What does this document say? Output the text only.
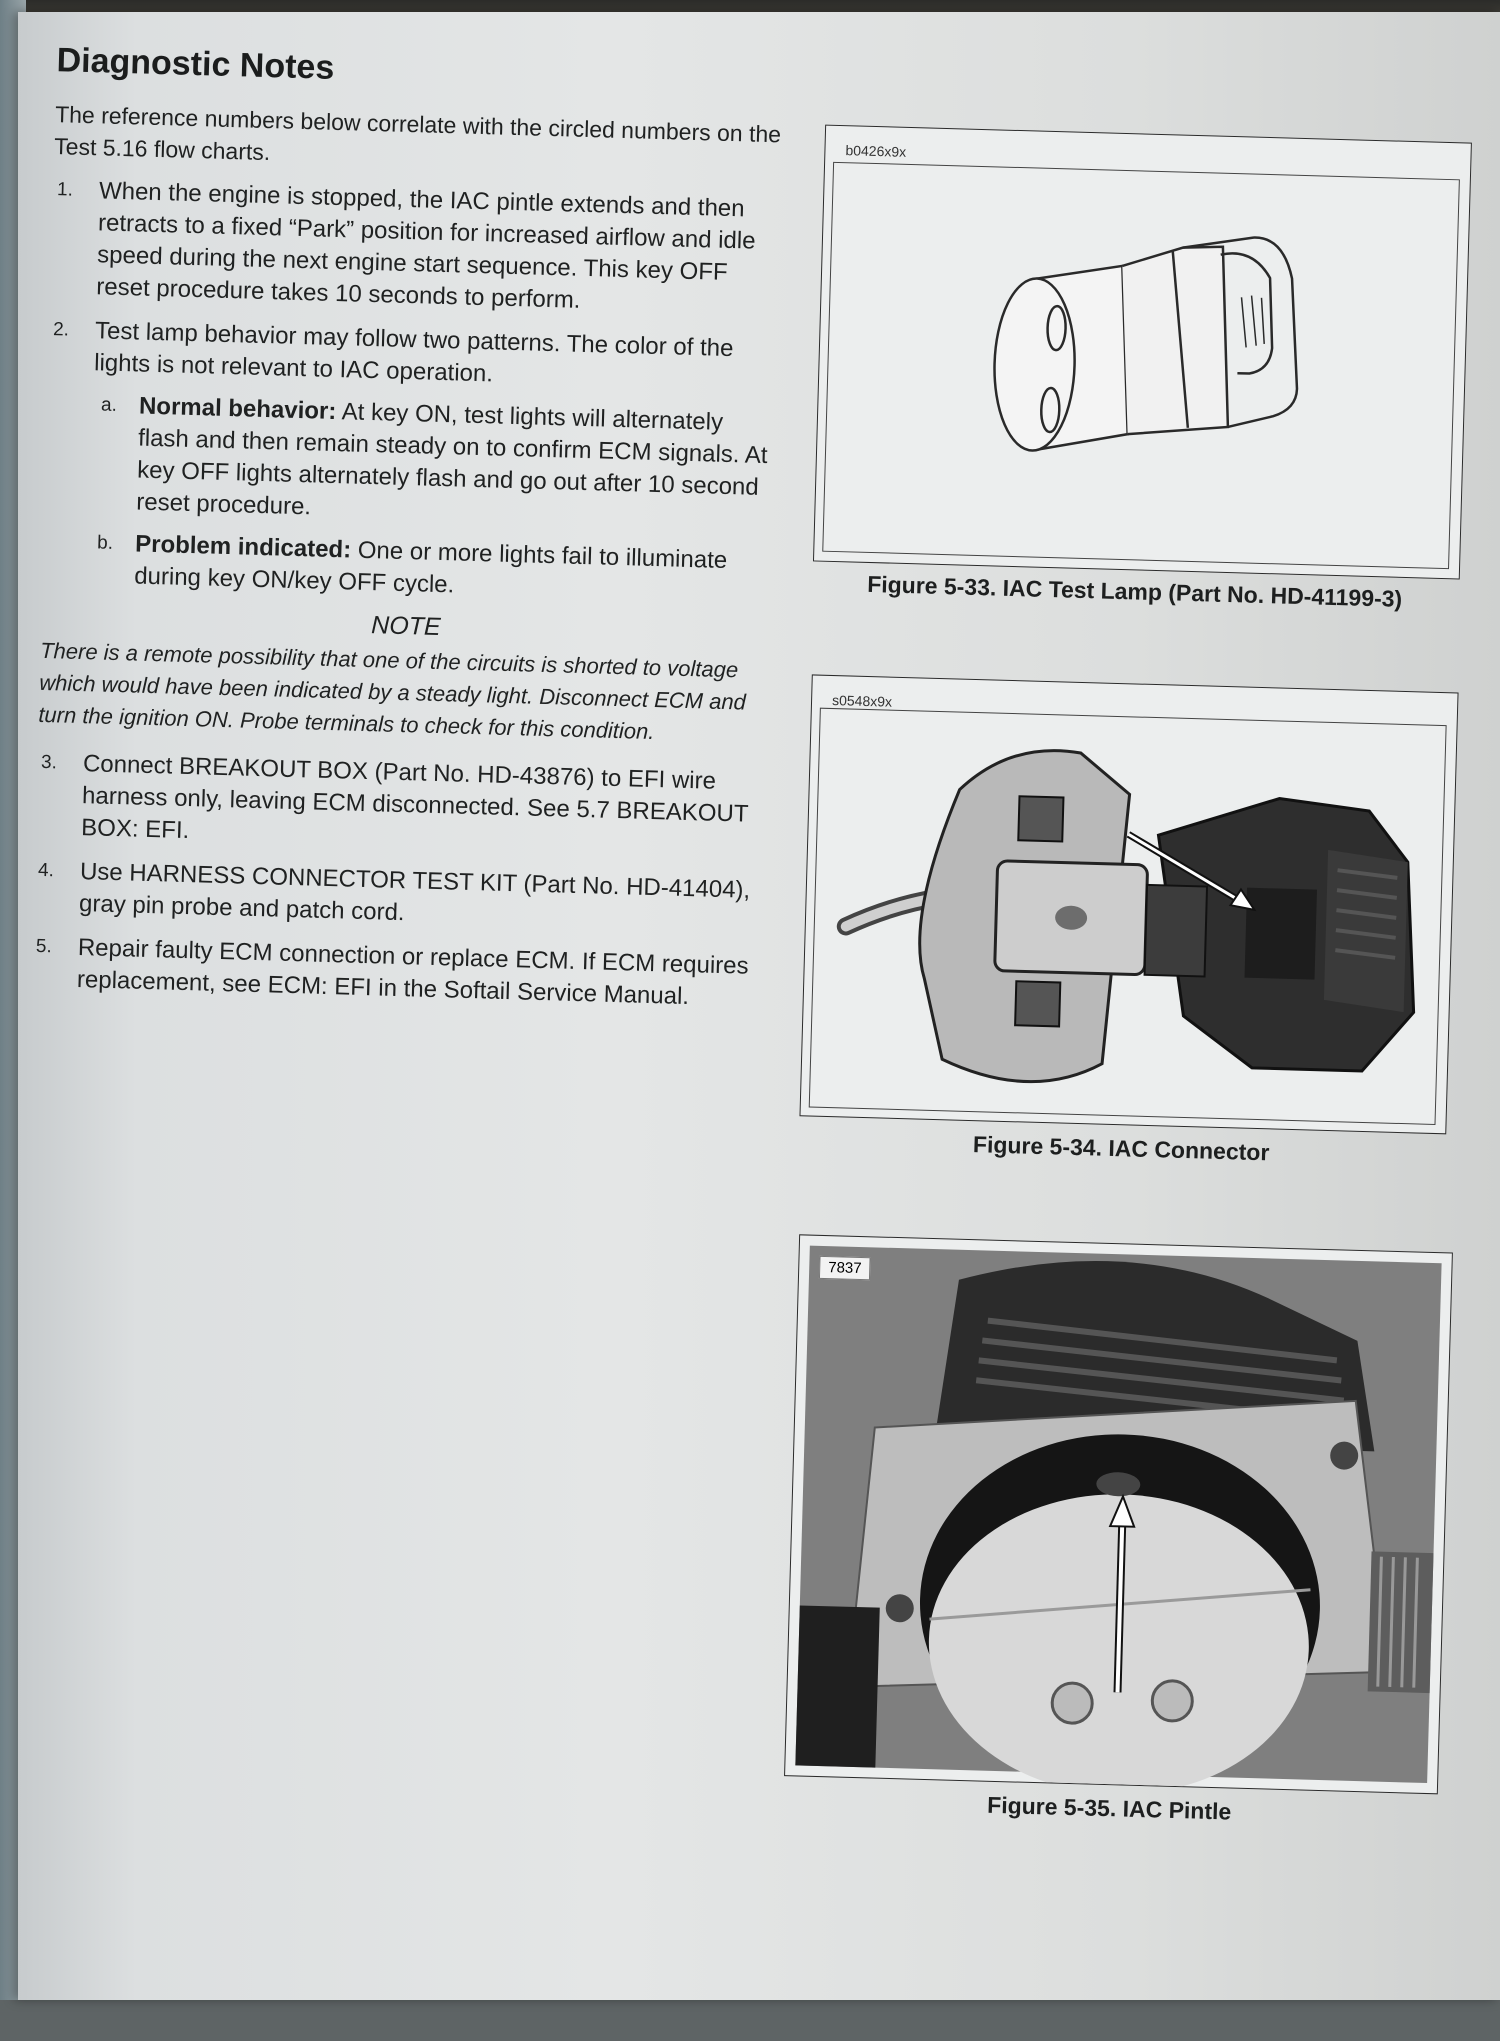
Diagnostic Notes
The reference numbers below correlate with the circled numbers on the Test 5.16 flow charts.
1. When the engine is stopped, the IAC pintle extends and then retracts to a fixed “Park” position for increased airflow and idle speed during the next engine start sequence. This key OFF reset procedure takes 10 seconds to perform.
2. Test lamp behavior may follow two patterns. The color of the lights is not relevant to IAC operation.
a. Normal behavior: At key ON, test lights will alternately flash and then remain steady on to confirm ECM signals. At key OFF lights alternately flash and go out after 10 second reset procedure.
b. Problem indicated: One or more lights fail to illuminate during key ON/key OFF cycle.
NOTE
There is a remote possibility that one of the circuits is shorted to voltage which would have been indicated by a steady light. Disconnect ECM and turn the ignition ON. Probe terminals to check for this condition.
3. Connect BREAKOUT BOX (Part No. HD-43876) to EFI wire harness only, leaving ECM disconnected. See 5.7 BREAKOUT BOX: EFI.
4. Use HARNESS CONNECTOR TEST KIT (Part No. HD-41404), gray pin probe and patch cord.
5. Repair faulty ECM connection or replace ECM. If ECM requires replacement, see ECM: EFI in the Softail Service Manual.
b0426x9x
Figure 5-33. IAC Test Lamp (Part No. HD-41199-3)
s0548x9x
Figure 5-34. IAC Connector
7837
Figure 5-35. IAC Pintle
